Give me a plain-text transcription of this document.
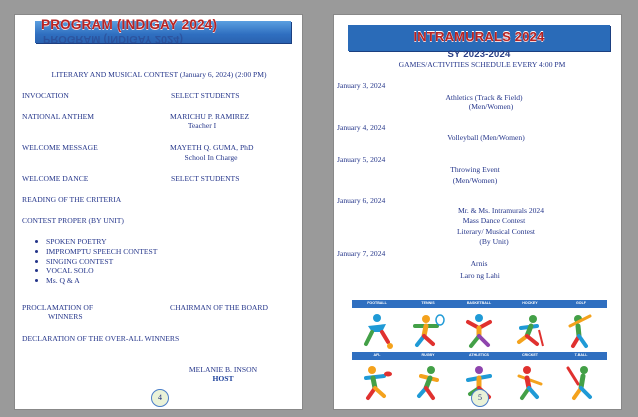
PROGRAM (INDIGAY 2024)
PROGRAM (INDIGAY 2024)
LITERARY AND MUSICAL CONTEST (January 6, 2024) (2:00 PM)
INVOCATION	SELECT STUDENTS
NATIONAL ANTHEM	MARICHU P. RAMIREZ
Teacher I
WELCOME MESSAGE	MAYETH Q. GUMA, PhD
School In Charge
WELCOME DANCE	SELECT STUDENTS
READING OF THE CRITERIA
CONTEST PROPER (BY UNIT)
SPOKEN POETRY
IMPROMPTU SPEECH CONTEST
SINGING CONTEST
VOCAL SOLO
Ms. Q & A
PROCLAMATION OF	CHAIRMAN OF THE BOARD
WINNERS
DECLARATION OF THE OVER-ALL WINNERS
MELANIE B. INSON
HOST
4
INTRAMURALS 2024
SY 2023-2024
GAMES/ACTIVITIES SCHEDULE EVERY 4:00 PM
January 3, 2024
Athletics (Track & Field)
(Men/Women)
January 4, 2024
Volleyball (Men/Women)
January 5, 2024
Throwing Event
(Men/Women)
January 6, 2024
Mr. & Ms. Intramurals 2024
Mass Dance Contest
Literary/ Musical Contest
(By Unit)
January 7, 2024
Arnis
Laro ng Lahi
FOOTBALL	TENNIS	BASKETBALL	HOCKEY	GOLF
AFL	RUGBY	ATHLETICS	CRICKET	T-BALL
5
